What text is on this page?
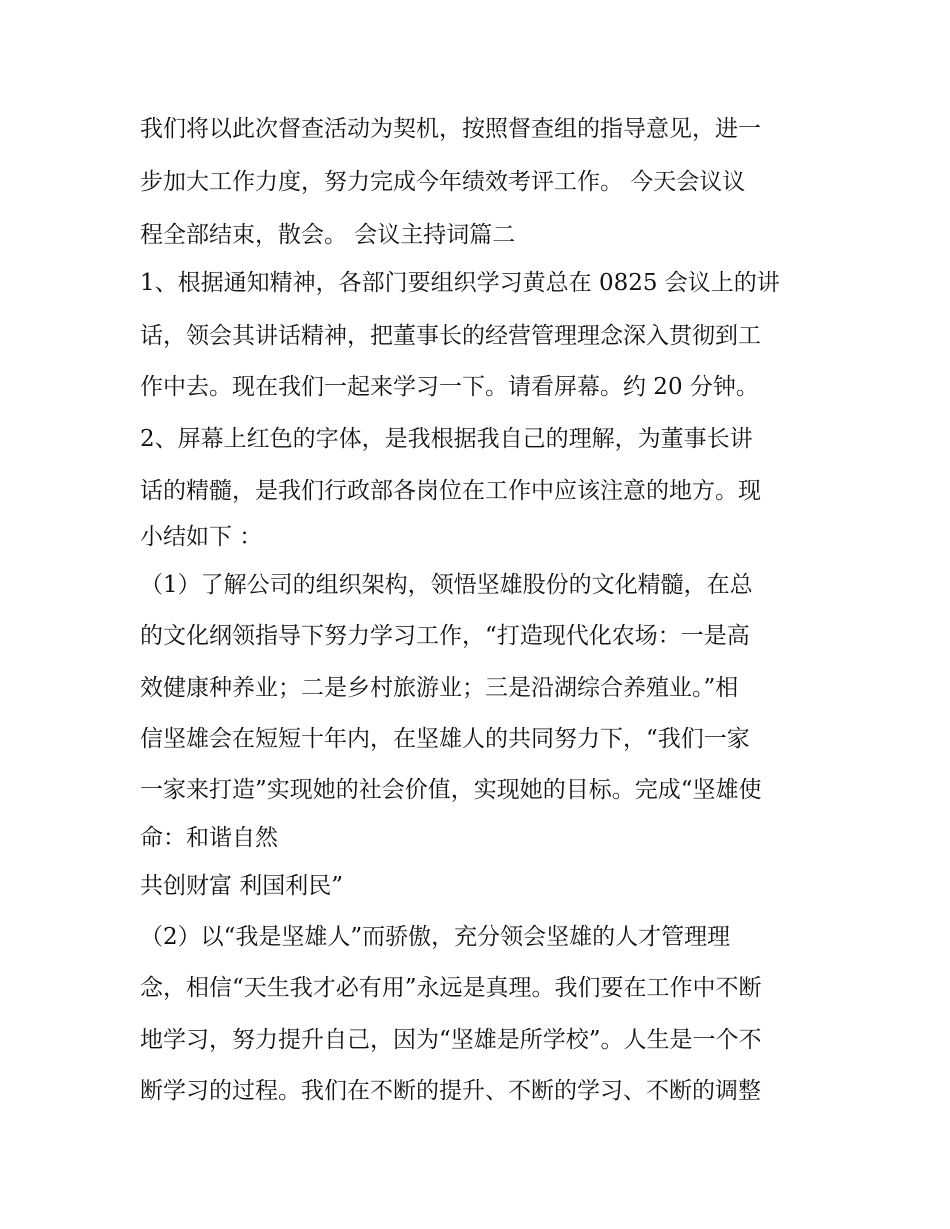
我们将以此次督查活动为契机，按照督查组的指导意见，进一

步加大工作力度，努力完成今年绩效考评工作。 今天会议议

程全部结束，散会。 会议主持词篇二

1、根据通知精神，各部门要组织学习黄总在 0825 会议上的讲

话，领会其讲话精神，把董事长的经营管理理念深入贯彻到工

作中去。现在我们一起来学习一下。请看屏幕。约 20 分钟。

2、屏幕上红色的字体，是我根据我自己的理解，为董事长讲

话的精髓，是我们行政部各岗位在工作中应该注意的地方。现

小结如下 ：

（1）了解公司的组织架构，领悟坚雄股份的文化精髓，在总

的文化纲领指导下努力学习工作，“打造现代化农场：一是高

效健康种养业；二是乡村旅游业；三是沿湖综合养殖业。”相

信坚雄会在短短十年内，在坚雄人的共同努力下，“我们一家

一家来打造”实现她的社会价值，实现她的目标。完成“坚雄使

命：和谐自然

共创财富 利国利民”

（2）以“我是坚雄人”而骄傲，充分领会坚雄的人才管理理

念，相信“天生我才必有用”永远是真理。我们要在工作中不断

地学习，努力提升自己，因为“坚雄是所学校”。人生是一个不

断学习的过程。我们在不断的提升、不断的学习、不断的调整
